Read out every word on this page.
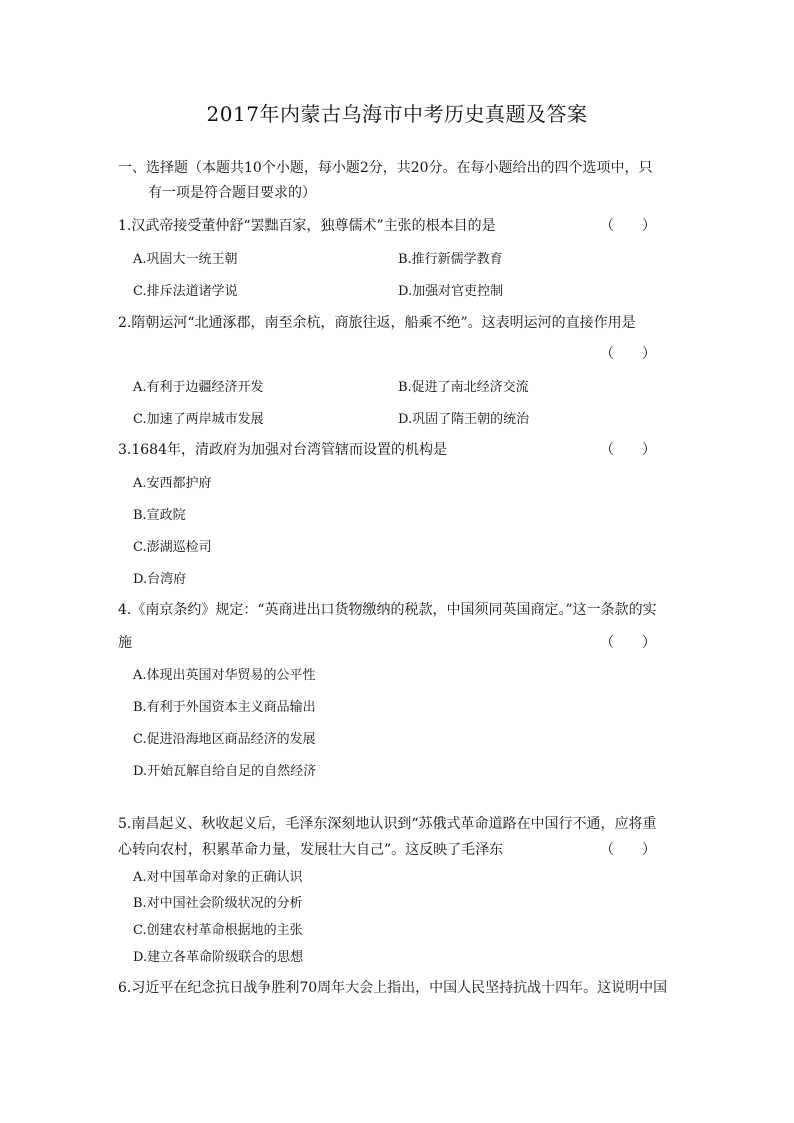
2017年内蒙古乌海市中考历史真题及答案
一、选择题（本题共10个小题，每小题2分，共20分。在每小题给出的四个选项中，只
有一项是符合题目要求的）
1.汉武帝接受董仲舒“罢黜百家，独尊儒术”主张的根本目的是	（　　）
A.巩固大一统王朝	B.推行新儒学教育
C.排斥法道诸学说	D.加强对官吏控制
2.隋朝运河“北通涿郡，南至余杭，商旅往返，船乘不绝”。这表明运河的直接作用是
（　　）
A.有利于边疆经济开发	B.促进了南北经济交流
C.加速了两岸城市发展	D.巩固了隋王朝的统治
3.1684年，清政府为加强对台湾管辖而设置的机构是	（　　）
A.安西都护府
B.宣政院
C.澎湖巡检司
D.台湾府
4.《南京条约》规定：“英商进出口货物缴纳的税款，中国须同英国商定。”这一条款的实
施	（　　）
A.体现出英国对华贸易的公平性
B.有利于外国资本主义商品输出
C.促进沿海地区商品经济的发展
D.开始瓦解自给自足的自然经济
5.南昌起义、秋收起义后，毛泽东深刻地认识到“苏俄式革命道路在中国行不通，应将重
心转向农村，积累革命力量，发展壮大自己”。这反映了毛泽东	（　　）
A.对中国革命对象的正确认识
B.对中国社会阶级状况的分析
C.创建农村革命根据地的主张
D.建立各革命阶级联合的思想
6.习近平在纪念抗日战争胜利70周年大会上指出，中国人民坚持抗战十四年。这说明中国
